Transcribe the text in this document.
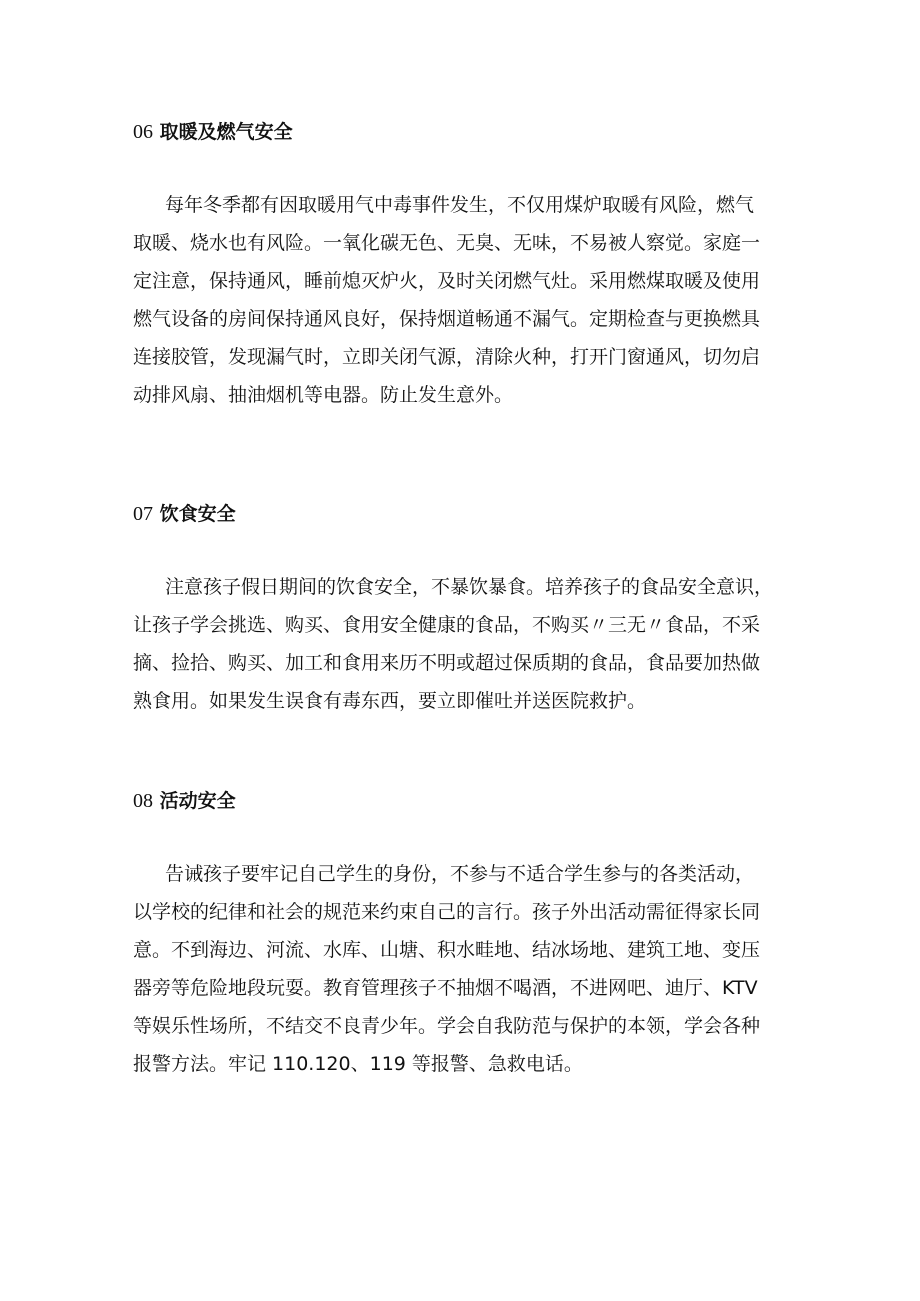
06 取暖及燃气安全

每年冬季都有因取暖用气中毒事件发生，不仅用煤炉取暖有风险，燃气
取暖、烧水也有风险。一氧化碳无色、无臭、无味，不易被人察觉。家庭一
定注意，保持通风，睡前熄灭炉火，及时关闭燃气灶。采用燃煤取暖及使用
燃气设备的房间保持通风良好，保持烟道畅通不漏气。定期检查与更换燃具
连接胶管，发现漏气时，立即关闭气源，清除火种，打开门窗通风，切勿启
动排风扇、抽油烟机等电器。防止发生意外。

07 饮食安全

注意孩子假日期间的饮食安全，不暴饮暴食。培养孩子的食品安全意识，
让孩子学会挑选、购买、食用安全健康的食品，不购买〃三无〃食品，不采
摘、捡拾、购买、加工和食用来历不明或超过保质期的食品，食品要加热做
熟食用。如果发生误食有毒东西，要立即催吐并送医院救护。

08 活动安全

告诫孩子要牢记自己学生的身份，不参与不适合学生参与的各类活动，
以学校的纪律和社会的规范来约束自己的言行。孩子外出活动需征得家长同
意。不到海边、河流、水库、山塘、积水畦地、结冰场地、建筑工地、变压
器旁等危险地段玩耍。教育管理孩子不抽烟不喝酒，不进网吧、迪厅、KTV
等娱乐性场所，不结交不良青少年。学会自我防范与保护的本领，学会各种
报警方法。牢记 110.120、119 等报警、急救电话。
